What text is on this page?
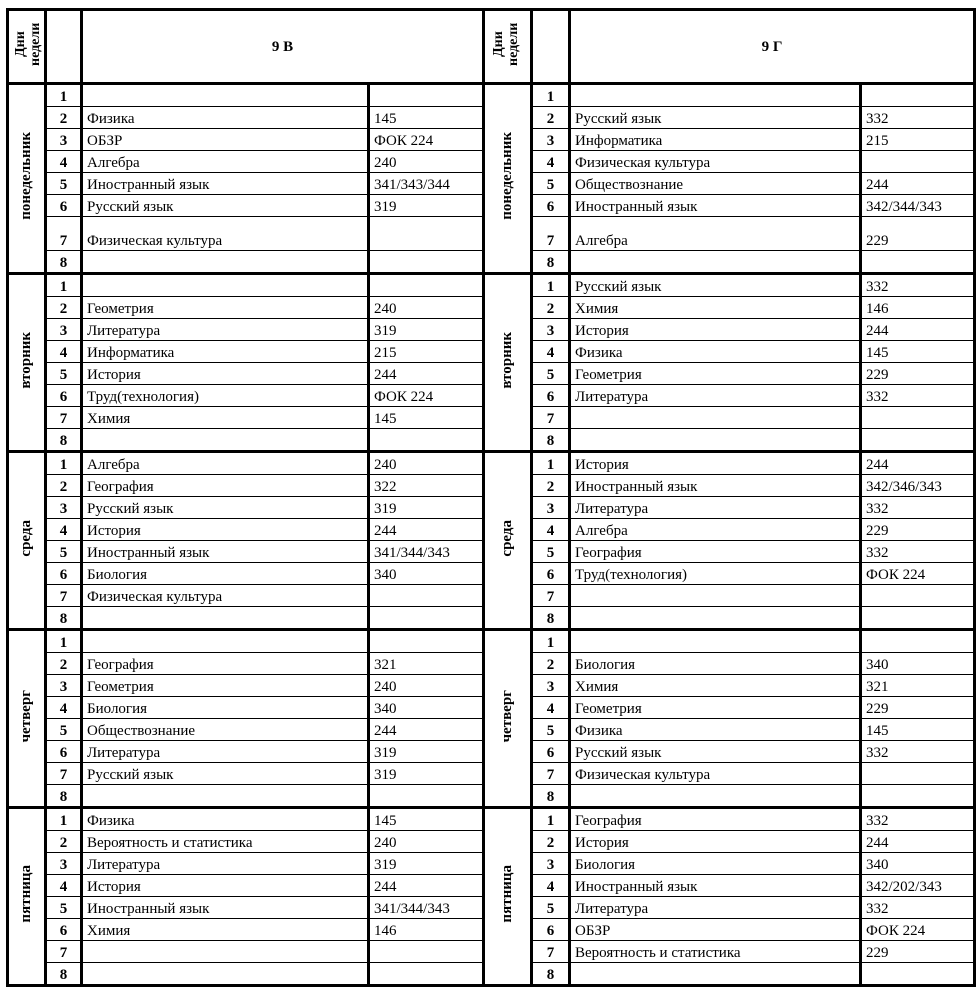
Дни недели		9 В		Дни недели		9 Г	
понедельник	1			понедельник	1		
	2	Физика	145		2	Русский язык	332
	3	ОБЗР	ФОК 224		3	Информатика	215
	4	Алгебра	240		4	Физическая культура	
	5	Иностранный язык	341/343/344		5	Обществознание	244
	6	Русский язык	319		6	Иностранный язык	342/344/343
	7	Физическая культура			7	Алгебра	229
	8				8		
вторник	1			вторник	1	Русский язык	332
	2	Геометрия	240		2	Химия	146
	3	Литература	319		3	История	244
	4	Информатика	215		4	Физика	145
	5	История	244		5	Геометрия	229
	6	Труд(технология)	ФОК 224		6	Литература	332
	7	Химия	145		7		
	8				8		
среда	1	Алгебра	240	среда	1	История	244
	2	География	322		2	Иностранный язык	342/346/343
	3	Русский язык	319		3	Литература	332
	4	История	244		4	Алгебра	229
	5	Иностранный язык	341/344/343		5	География	332
	6	Биология	340		6	Труд(технология)	ФОК 224
	7	Физическая культура			7		
	8				8		
четверг	1			четверг	1		
	2	География	321		2	Биология	340
	3	Геометрия	240		3	Химия	321
	4	Биология	340		4	Геометрия	229
	5	Обществознание	244		5	Физика	145
	6	Литература	319		6	Русский язык	332
	7	Русский язык	319		7	Физическая культура	
	8				8		
пятница	1	Физика	145	пятница	1	География	332
	2	Вероятность и статистика	240		2	История	244
	3	Литература	319		3	Биология	340
	4	История	244		4	Иностранный язык	342/202/343
	5	Иностранный язык	341/344/343		5	Литература	332
	6	Химия	146		6	ОБЗР	ФОК 224
	7				7	Вероятность и статистика	229
	8				8		
